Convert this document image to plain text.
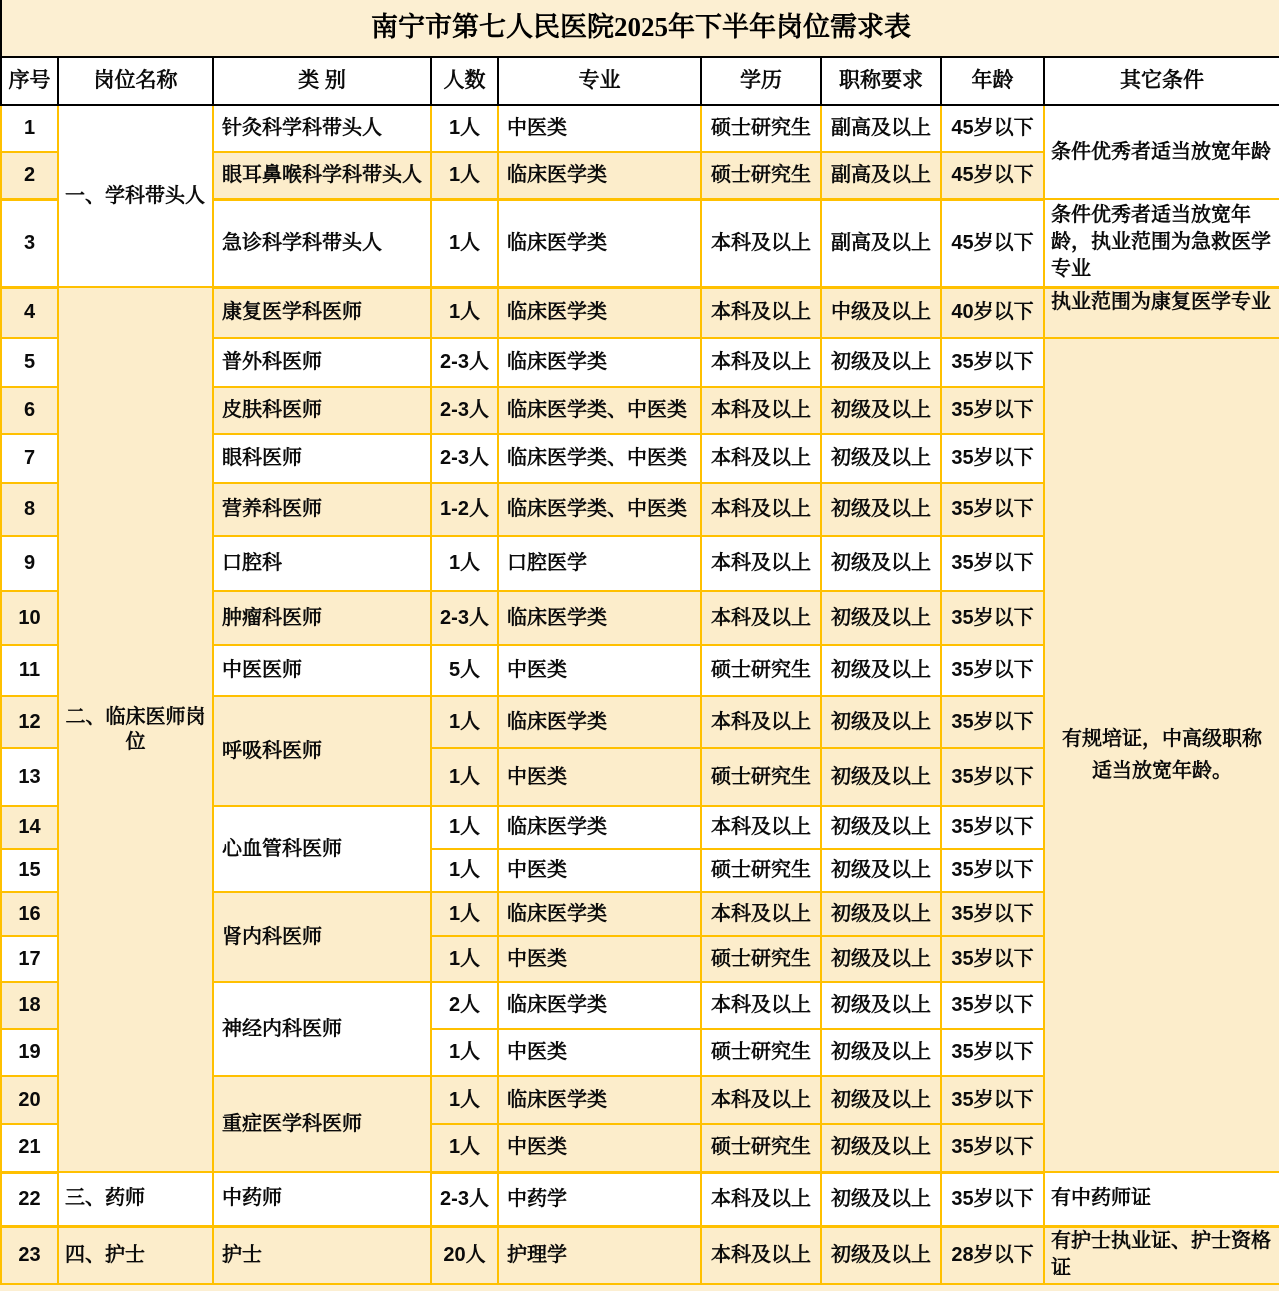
南宁市第七人民医院2025年下半年岗位需求表								
序号	岗位名称	类 别	人数	专业	学历	职称要求	年龄	其它条件
1	一、学科带头人	针灸科学科带头人	1人	中医类	硕士研究生	副高及以上	45岁以下	条件优秀者适当放宽年龄
2		眼耳鼻喉科学科带头人	1人	临床医学类	硕士研究生	副高及以上	45岁以下	
3		急诊科学科带头人	1人	临床医学类	本科及以上	副高及以上	45岁以下	条件优秀者适当放宽年龄，执业范围为急救医学专业
4	二、临床医师岗位	康复医学科医师	1人	临床医学类	本科及以上	中级及以上	40岁以下	执业范围为康复医学专业
5		普外科医师	2-3人	临床医学类	本科及以上	初级及以上	35岁以下	有规培证，中高级职称适当放宽年龄。
6		皮肤科医师	2-3人	临床医学类、中医类	本科及以上	初级及以上	35岁以下	
7		眼科医师	2-3人	临床医学类、中医类	本科及以上	初级及以上	35岁以下	
8		营养科医师	1-2人	临床医学类、中医类	本科及以上	初级及以上	35岁以下	
9		口腔科	1人	口腔医学	本科及以上	初级及以上	35岁以下	
10		肿瘤科医师	2-3人	临床医学类	本科及以上	初级及以上	35岁以下	
11		中医医师	5人	中医类	硕士研究生	初级及以上	35岁以下	
12		呼吸科医师	1人	临床医学类	本科及以上	初级及以上	35岁以下	
13			1人	中医类	硕士研究生	初级及以上	35岁以下	
14		心血管科医师	1人	临床医学类	本科及以上	初级及以上	35岁以下	
15			1人	中医类	硕士研究生	初级及以上	35岁以下	
16		肾内科医师	1人	临床医学类	本科及以上	初级及以上	35岁以下	
17			1人	中医类	硕士研究生	初级及以上	35岁以下	
18		神经内科医师	2人	临床医学类	本科及以上	初级及以上	35岁以下	
19			1人	中医类	硕士研究生	初级及以上	35岁以下	
20		重症医学科医师	1人	临床医学类	本科及以上	初级及以上	35岁以下	
21			1人	中医类	硕士研究生	初级及以上	35岁以下	
22	三、药师	中药师	2-3人	中药学	本科及以上	初级及以上	35岁以下	有中药师证
23	四、护士	护士	20人	护理学	本科及以上	初级及以上	28岁以下	有护士执业证、护士资格证
